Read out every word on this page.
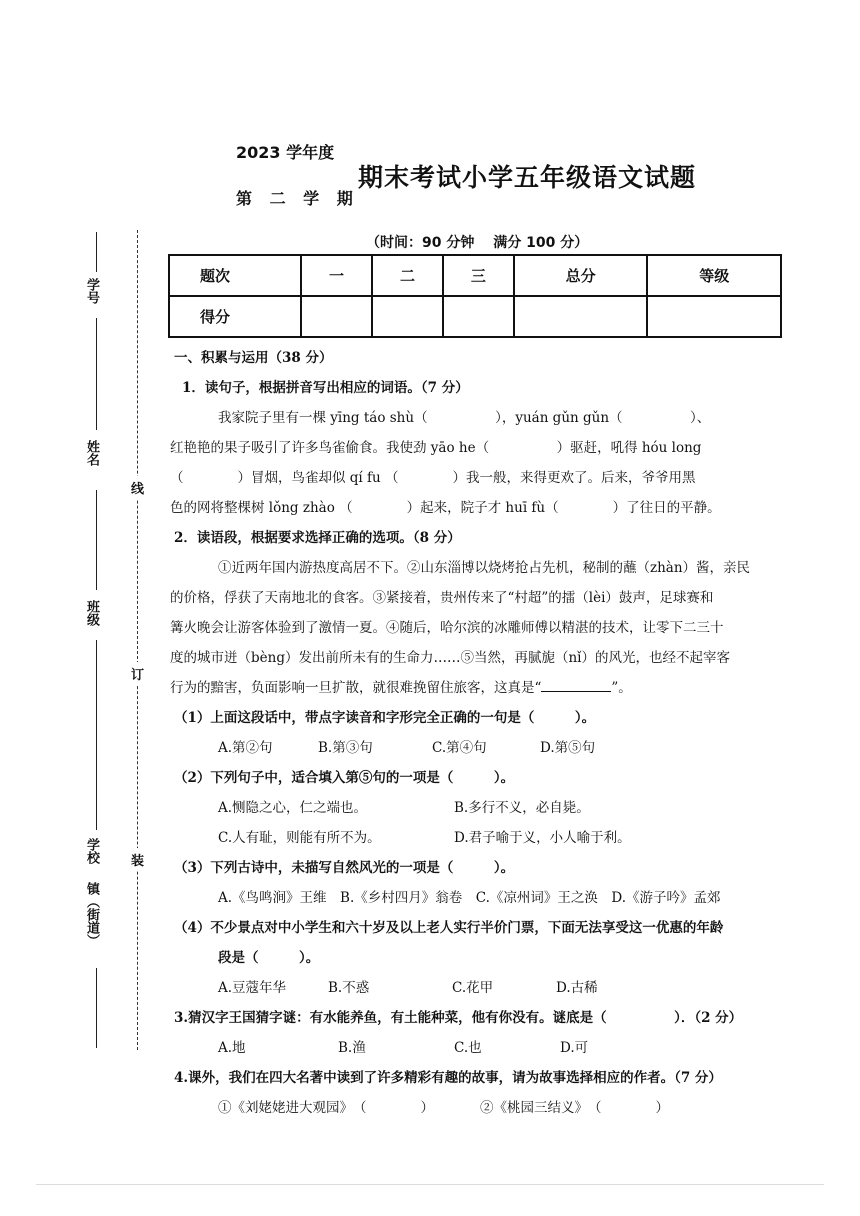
2023 学年度
第 二 学 期
期末考试小学五年级语文试题
（时间：90 分钟　 满分 100 分）
题次	一	二	三	总分	等级
得分					
线
订
装
学号
姓名
班级
学校
镇（街道）
一、积累与运用（38 分）
1．读句子，根据拼音写出相应的词语。（7 分）
我家院子里有一棵 yīng táo shù（　　　　　），yuán gǔn gǔn（　　　　　）、
红艳艳的果子吸引了许多鸟雀偷食。我使劲 yāo he（　　　　　）驱赶，吼得 hóu long
（　　　　）冒烟，鸟雀却似 qí fu （　　　　）我一般，来得更欢了。后来，爷爷用黑
色的网将整棵树 lǒng zhào （　　　　）起来，院子才 huī fù（　　　　）了往日的平静。
2．读语段，根据要求选择正确的选项。（8 分）
①近两年国内游热度高居不下。②山东淄博以烧烤抢占先机，秘制的蘸（zhàn）酱，亲民
的价格，俘获了天南地北的食客。③紧接着，贵州传来了“村超”的擂（lèi）鼓声，足球赛和
篝火晚会让游客体验到了激情一夏。④随后，哈尔滨的冰雕师傅以精湛的技术，让零下二三十
度的城市迸（bèng）发出前所未有的生命力……⑤当然，再腻旎（nǐ）的风光，也经不起宰客
行为的黯害，负面影响一旦扩散，就很难挽留住旅客，这真是“	”。
（1）上面这段话中，带点字读音和字形完全正确的一句是（　　　）。
A.第②句	B.第③句	C.第④句	D.第⑤句
（2）下列句子中，适合填入第⑤句的一项是（　　　）。
A.恻隐之心，仁之端也。	B.多行不义，必自毙。
C.人有耻，则能有所不为。	D.君子喻于义，小人喻于利。
（3）下列古诗中，未描写自然风光的一项是（　　　）。
A.《鸟鸣涧》王维　B.《乡村四月》翁卷　C.《凉州词》王之涣　D.《游子吟》孟郊
（4）不少景点对中小学生和六十岁及以上老人实行半价门票，下面无法享受这一优惠的年龄
段是（　　　）。
A.豆蔻年华	B.不惑	C.花甲	D.古稀
3.猜汉字王国猜字谜：有水能养鱼，有土能种菜，他有你没有。谜底是（　　　　　）．（2 分）
A.地	B.渔	C.也	D.可
4.课外，我们在四大名著中读到了许多精彩有趣的故事，请为故事选择相应的作者。（7 分）
①《刘姥姥进大观园》　（　　　　）	②《桃园三结义》　（　　　　）
